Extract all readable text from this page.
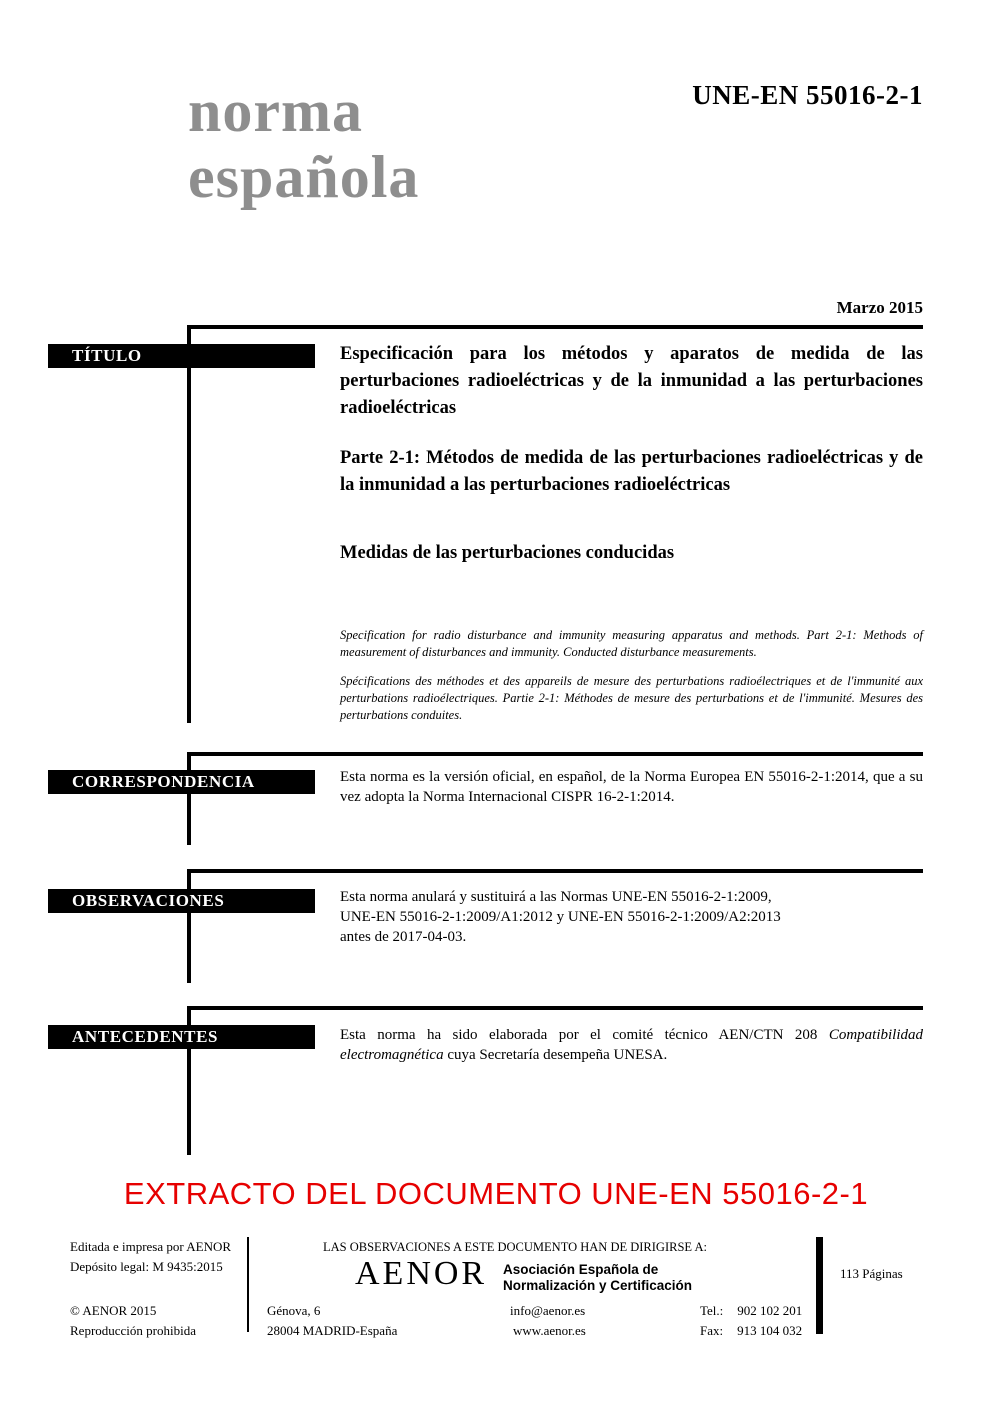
norma
española
UNE-EN 55016-2-1
Marzo 2015
TÍTULO
CORRESPONDENCIA
OBSERVACIONES
ANTECEDENTES

Especificación para los métodos y aparatos de medida de las perturbaciones radioeléctricas y de la inmunidad a las perturbaciones radioeléctricas

Parte 2-1: Métodos de medida de las perturbaciones radioeléctricas y de la inmunidad a las perturbaciones radioeléctricas

Medidas de las perturbaciones conducidas

Specification for radio disturbance and immunity measuring apparatus and methods. Part 2-1: Methods of measurement of disturbances and immunity. Conducted disturbance measurements.

Spécifications des méthodes et des appareils de mesure des perturbations radioélectriques et de l'immunité aux perturbations radioélectriques. Partie 2-1: Méthodes de mesure des perturbations et de l'immunité. Mesures des perturbations conduites.

Esta norma es la versión oficial, en español, de la Norma Europea EN 55016-2-1:2014, que a su vez adopta la Norma Internacional CISPR 16-2-1:2014.

Esta norma anulará y sustituirá a las Normas UNE-EN 55016-2-1:2009,
UNE-EN 55016-2-1:2009/A1:2012 y UNE-EN 55016-2-1:2009/A2:2013
antes de 2017-04-03.

Esta norma ha sido elaborada por el comité técnico AEN/CTN 208 Compatibilidad electromagnética cuya Secretaría desempeña UNESA.

EXTRACTO DEL DOCUMENTO UNE-EN 55016-2-1
Editada e impresa por AENOR
Depósito legal: M 9435:2015
© AENOR 2015
Reproducción prohibida
LAS OBSERVACIONES A ESTE DOCUMENTO HAN DE DIRIGIRSE A:
AENOR Asociación Española de
Normalización y Certificación
Génova, 6
28004 MADRID-España
info@aenor.es
www.aenor.es
Tel.: 902 102 201
Fax: 913 104 032
113 Páginas
